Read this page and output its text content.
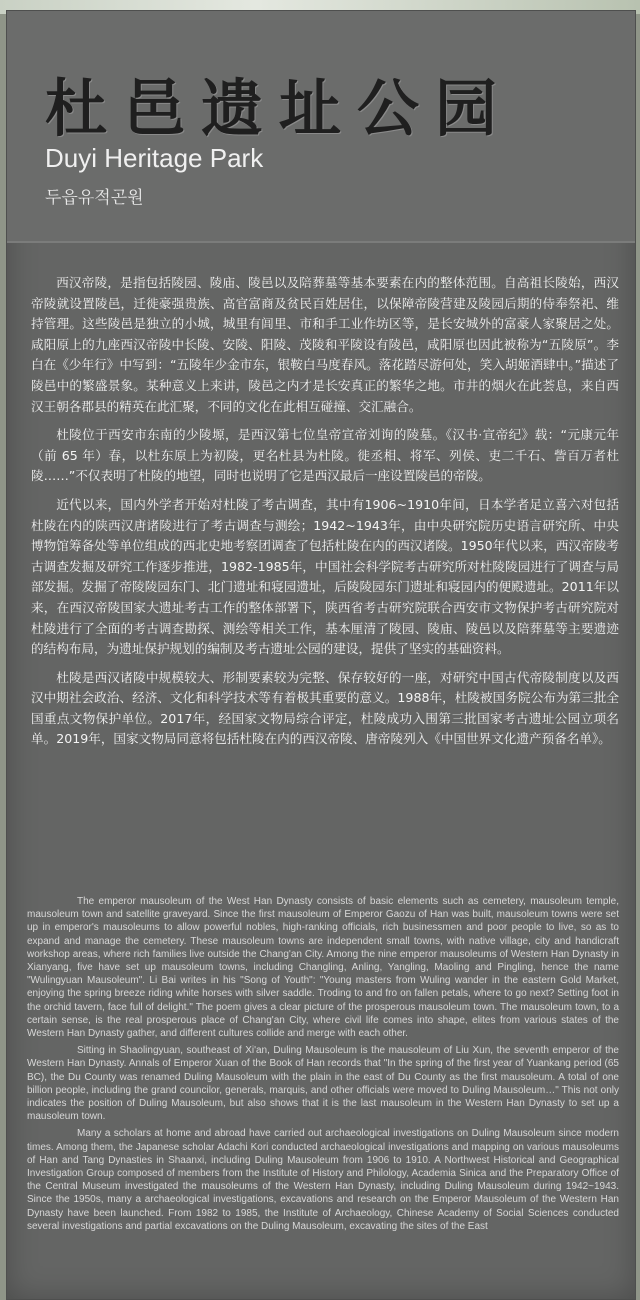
杜邑遗址公园
Duyi Heritage Park
두읍유적곤원

西汉帝陵，是指包括陵园、陵庙、陵邑以及陪葬墓等基本要素在内的整体范围。自高祖长陵始，西汉帝陵就设置陵邑，迁徙豪强贵族、高官富商及贫民百姓居住，以保障帝陵营建及陵园后期的侍奉祭祀、维持管理。这些陵邑是独立的小城，城里有闾里、市和手工业作坊区等，是长安城外的富豪人家聚居之处。咸阳原上的九座西汉帝陵中长陵、安陵、阳陵、茂陵和平陵设有陵邑，咸阳原也因此被称为“五陵原”。李白在《少年行》中写到：“五陵年少金市东，银鞍白马度春风。落花踏尽游何处，笑入胡姬酒肆中。”描述了陵邑中的繁盛景象。某种意义上来讲，陵邑之内才是长安真正的繁华之地。市井的烟火在此荟息，来自西汉王朝各郡县的精英在此汇聚，不同的文化在此相互碰撞、交汇融合。

杜陵位于西安市东南的少陵塬，是西汉第七位皇帝宣帝刘询的陵墓。《汉书·宣帝纪》载：“元康元年（前 65 年）春，以杜东原上为初陵，更名杜县为杜陵。徙丞相、将军、列侯、吏二千石、訾百万者杜陵……”不仅表明了杜陵的地望，同时也说明了它是西汉最后一座设置陵邑的帝陵。

近代以来，国内外学者开始对杜陵了考古调查，其中有1906~1910年间，日本学者足立喜六对包括杜陵在内的陕西汉唐诸陵进行了考古调查与测绘；1942~1943年，由中央研究院历史语言研究所、中央博物馆筹备处等单位组成的西北史地考察团调查了包括杜陵在内的西汉诸陵。1950年代以来，西汉帝陵考古调查发掘及研究工作逐步推进，1982-1985年，中国社会科学院考古研究所对杜陵陵园进行了调查与局部发掘。发掘了帝陵陵园东门、北门遗址和寝园遗址，后陵陵园东门遗址和寝园内的便殿遗址。2011年以来，在西汉帝陵国家大遗址考古工作的整体部署下，陕西省考古研究院联合西安市文物保护考古研究院对杜陵进行了全面的考古调查勘探、测绘等相关工作，基本厘清了陵园、陵庙、陵邑以及陪葬墓等主要遗迹的结构布局，为遗址保护规划的编制及考古遗址公园的建设，提供了坚实的基础资料。

杜陵是西汉诸陵中规模较大、形制要素较为完整、保存较好的一座，对研究中国古代帝陵制度以及西汉中期社会政治、经济、文化和科学技术等有着极其重要的意义。1988年，杜陵被国务院公布为第三批全国重点文物保护单位。2017年，经国家文物局综合评定，杜陵成功入围第三批国家考古遗址公园立项名单。2019年，国家文物局同意将包括杜陵在内的西汉帝陵、唐帝陵列入《中国世界文化遗产预备名单》。

The emperor mausoleum of the West Han Dynasty consists of basic elements such as cemetery, mausoleum temple, mausoleum town and satellite graveyard. Since the first mausoleum of Emperor Gaozu of Han was built, mausoleum towns were set up in emperor's mausoleums to allow powerful nobles, high-ranking officials, rich businessmen and poor people to live, so as to expand and manage the cemetery. These mausoleum towns are independent small towns, with native village, city and handicraft workshop areas, where rich families live outside the Chang'an City. Among the nine emperor mausoleums of Western Han Dynasty in Xianyang, five have set up mausoleum towns, including Changling, Anling, Yangling, Maoling and Pingling, hence the name "Wulingyuan Mausoleum". Li Bai writes in his "Song of Youth": "Young masters from Wuling wander in the eastern Gold Market, enjoying the spring breeze riding white horses with silver saddle. Troding to and fro on fallen petals, where to go next? Setting foot in the orchid tavern, face full of delight." The poem gives a clear picture of the prosperous mausoleum town. The mausoleum town, to a certain sense, is the real prosperous place of Chang'an City, where civil life comes into shape, elites from various states of the Western Han Dynasty gather, and different cultures collide and merge with each other.

Sitting in Shaolingyuan, southeast of Xi'an, Duling Mausoleum is the mausoleum of Liu Xun, the seventh emperor of the Western Han Dynasty. Annals of Emperor Xuan of the Book of Han records that "In the spring of the first year of Yuankang period (65 BC), the Du County was renamed Duling Mausoleum with the plain in the east of Du County as the first mausoleum. A total of one billion people, including the grand councilor, generals, marquis, and other officials were moved to Duling Mausoleum…" This not only indicates the position of Duling Mausoleum, but also shows that it is the last mausoleum in the Western Han Dynasty to set up a mausoleum town.

Many a scholars at home and abroad have carried out archaeological investigations on Duling Mausoleum since modern times. Among them, the Japanese scholar Adachi Kori conducted archaeological investigations and mapping on various mausoleums of Han and Tang Dynasties in Shaanxi, including Duling Mausoleum from 1906 to 1910. A Northwest Historical and Geographical Investigation Group composed of members from the Institute of History and Philology, Academia Sinica and the Preparatory Office of the Central Museum investigated the mausoleums of the Western Han Dynasty, including Duling Mausoleum during 1942~1943. Since the 1950s, many a archaeological investigations, excavations and research on the Emperor Mausoleum of the Western Han Dynasty have been launched. From 1982 to 1985, the Institute of Archaeology, Chinese Academy of Social Sciences conducted several investigations and partial excavations on the Duling Mausoleum, excavating the sites of the East
